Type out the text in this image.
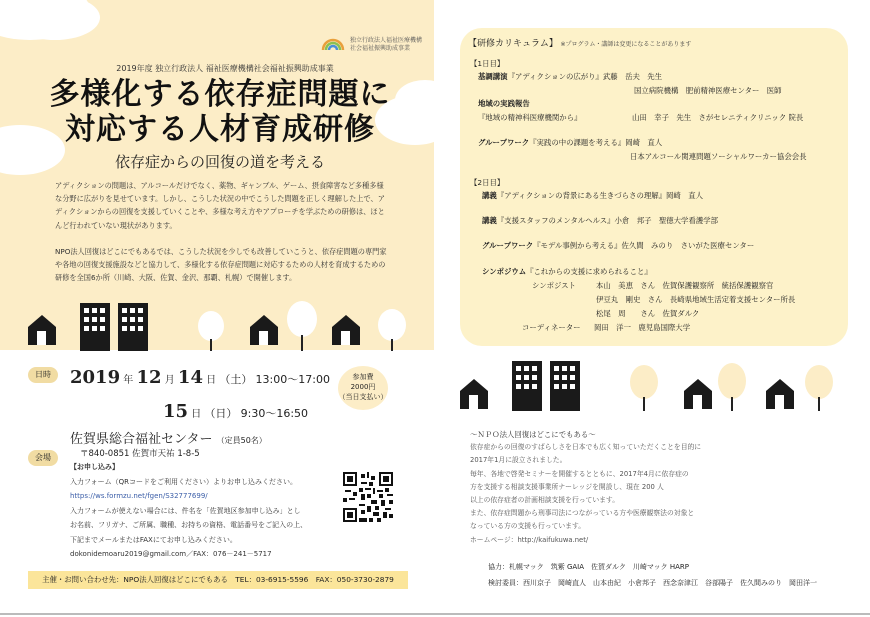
独立行政法人福祉医療機構
社会福祉振興助成事業
2019年度 独立行政法人 福祉医療機構社会福祉振興助成事業
多様化する依存症問題に
対応する人材育成研修
依存症からの回復の道を考える
アディクションの問題は、アルコールだけでなく、薬物、ギャンブル、ゲーム、摂食障害など多種多様な分野に広がりを見せています。しかし、こうした状況の中でこうした問題を正しく理解した上で、アディクションからの回復を支援していくことや、多様な考え方やアプローチを学ぶための研修は、ほとんど行われていない現状があります。
NPO法人回復はどこにでもあるでは、こうした状況を少しでも改善していこうと、依存症問題の専門家や各地の回復支援施設などと協力して、多様化する依存症問題に対応するための人材を育成するための研修を全国6か所（川崎、大阪、佐賀、金沢、那覇、札幌）で開催します。
日時	2019 年 12 月 14 日 （土） 13:00～17:00
15 日 （日） 9:30～16:50
参加費
2000円
（当日支払い）
会場
佐賀県総合福祉センター （定員50名）
〒840-0851 佐賀市天祐 1-8-5
【お申し込み】
入力フォーム（QRコードをご利用ください）よりお申し込みください。
https://ws.formzu.net/fgen/S32777699/
入力フォームが使えない場合には、件名を「佐賀地区参加申し込み」とし
お名前、フリガナ、ご所属、職種、お持ちの資格、電話番号をご記入の上、
下記までメールまたはFAXにてお申し込みください。
dokonidemoaru2019@gmail.com／FAX：076－241－5717
主催・お問い合わせ先：NPO法人回復はどこにでもある　TEL：03-6915-5596　FAX：050-3730-2879
【研修カリキュラム】 ※プログラム・講師は変更になることがあります
【1日目】
基調講演『アディクションの広がり』武藤　岳夫　先生
国立病院機構　肥前精神医療センター　医師
地域の実践報告
『地域の精神科医療機関から』	山田　幸子　先生　さがセレニティクリニック 院長
グループワーク『実践の中の課題を考える』岡崎　直人
日本アルコール関連問題ソーシャルワーカー協会会長
【2日目】
講義『アディクションの背景にある生きづらさの理解』岡崎　直人
講義『支援スタッフのメンタルヘルス』小倉　邦子　聖徳大学看護学部
グループワーク『モデル事例から考える』佐久間　みのり　さいがた医療センター
シンポジウム『これからの支援に求められること』
シンポジスト	本山　美恵　さん　佐賀保護観察所　統括保護観察官
伊豆丸　剛史　さん　長崎県地域生活定着支援センター所長
松尾　周　　さん　佐賀ダルク
コーディネーター 岡田　洋一　鹿児島国際大学
～ＮＰＯ法人回復はどこにでもある～
依存症からの回復のすばらしさを日本でも広く知っていただくことを目的に
2017年1月に設立されました。
毎年、各地で啓発セミナーを開催するとともに、2017年4月に依存症の
方を支援する相談支援事業所ナーレッジを開設し、現在 200 人
以上の依存症者の計画相談支援を行っています。
また、依存症問題から刑事司法につながっている方や医療観察法の対象と
なっている方の支援も行っています。
ホームページ：http://kaifukuwa.net/
協力：札幌マック　筑紫 GAIA　佐賀ダルク　川崎マック HARP
検討委員：西川京子　岡崎直人　山本由紀　小倉邦子　西念奈津江　谷部陽子　佐久間みのり　岡田洋一
